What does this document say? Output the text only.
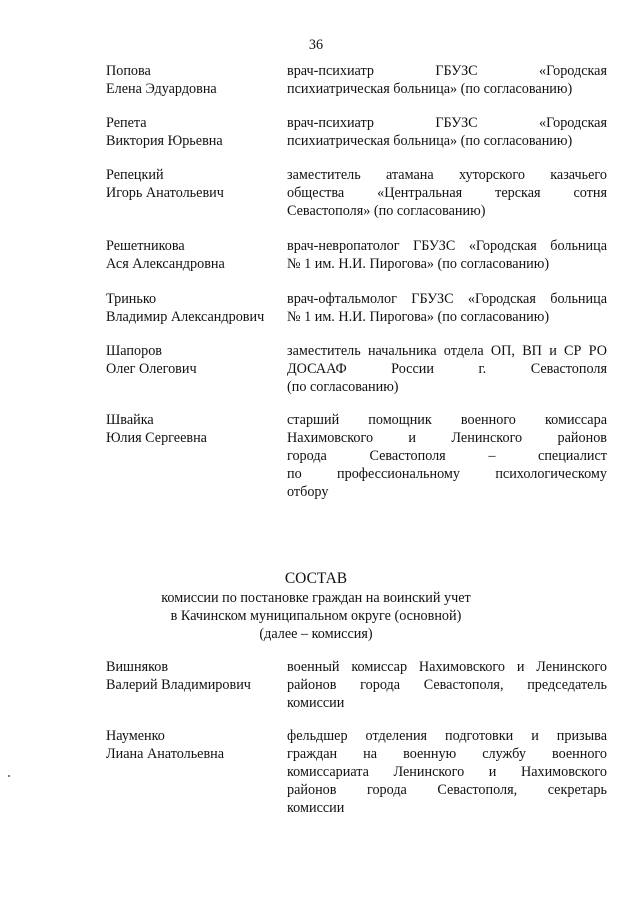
36
Попова
Елена Эдуардовна
врач-психиатр ГБУЗС «Городская
психиатрическая больница» (по согласованию)
Репета
Виктория Юрьевна
врач-психиатр ГБУЗС «Городская
психиатрическая больница» (по согласованию)
Репецкий
Игорь Анатольевич
заместитель атамана хуторского казачьего
общества «Центральная терская сотня
Севастополя» (по согласованию)
Решетникова
Ася Александровна
врач-невропатолог ГБУЗС «Городская больница
№ 1 им. Н.И. Пирогова» (по согласованию)
Тринько
Владимир Александрович
врач-офтальмолог ГБУЗС «Городская больница
№ 1 им. Н.И. Пирогова» (по согласованию)
Шапоров
Олег Олегович
заместитель начальника отдела ОП, ВП и СР РО
ДОСААФ России г. Севастополя
(по согласованию)
Швайка
Юлия Сергеевна
старший помощник военного комиссара
Нахимовского и Ленинского районов
города Севастополя – специалист
по профессиональному психологическому
отбору
СОСТАВ
комиссии по постановке граждан на воинский учет
в Качинском муниципальном округе (основной)
(далее – комиссия)
Вишняков
Валерий Владимирович
военный комиссар Нахимовского и Ленинского
районов города Севастополя, председатель
комиссии
Науменко
Лиана Анатольевна
фельдшер отделения подготовки и призыва
граждан на военную службу военного
комиссариата Ленинского и Нахимовского
районов города Севастополя, секретарь
комиссии
